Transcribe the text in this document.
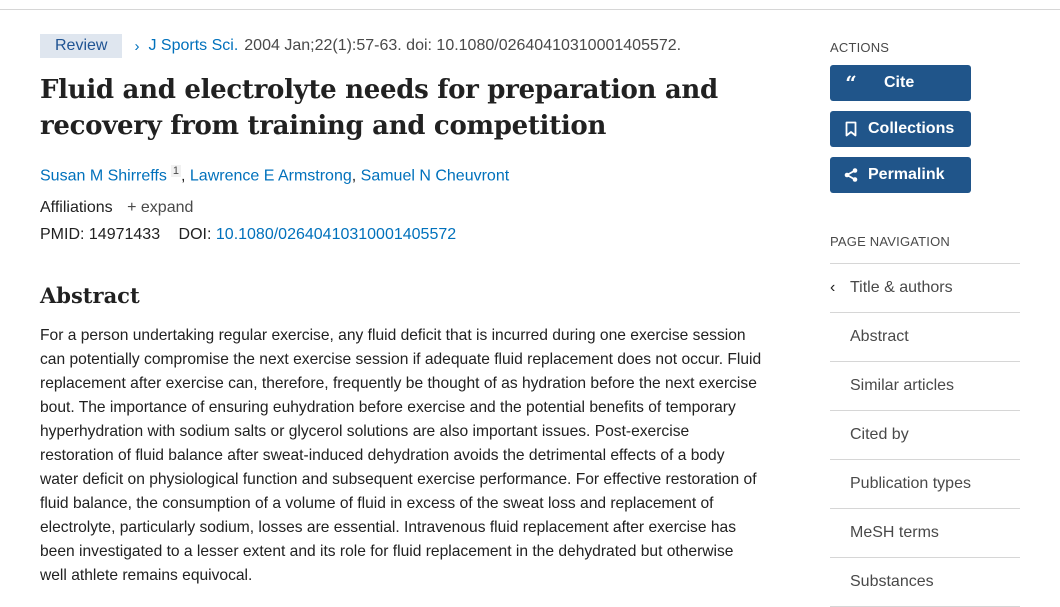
Review	› J Sports Sci. 2004 Jan;22(1):57-63. doi: 10.1080/02640410310001405572.
Fluid and electrolyte needs for preparation and recovery from training and competition
Susan M Shirreffs $^1$ , Lawrence E Armstrong, Samuel N Cheuvront
Affiliations + expand
PMID: 14971433 DOI: 10.1080/02640410310001405572
Abstract

For a person undertaking regular exercise, any fluid deficit that is incurred during one exercise session can potentially compromise the next exercise session if adequate fluid replacement does not occur. Fluid replacement after exercise can, therefore, frequently be thought of as hydration before the next exercise bout. The importance of ensuring euhydration before exercise and the potential benefits of temporary hyperhydration with sodium salts or glycerol solutions are also important issues. Post-exercise restoration of fluid balance after sweat-induced dehydration avoids the detrimental effects of a body water deficit on physiological function and subsequent exercise performance. For effective restoration of fluid balance, the consumption of a volume of fluid in excess of the sweat loss and replacement of electrolyte, particularly sodium, losses are essential. Intravenous fluid replacement after exercise has been investigated to a lesser extent and its role for fluid replacement in the dehydrated but otherwise well athlete remains equivocal.

ACTIONS
“ Cite
Collections
Permalink
PAGE NAVIGATION
‹ Title & authors
Abstract
Similar articles
Cited by
Publication types
MeSH terms
Substances
